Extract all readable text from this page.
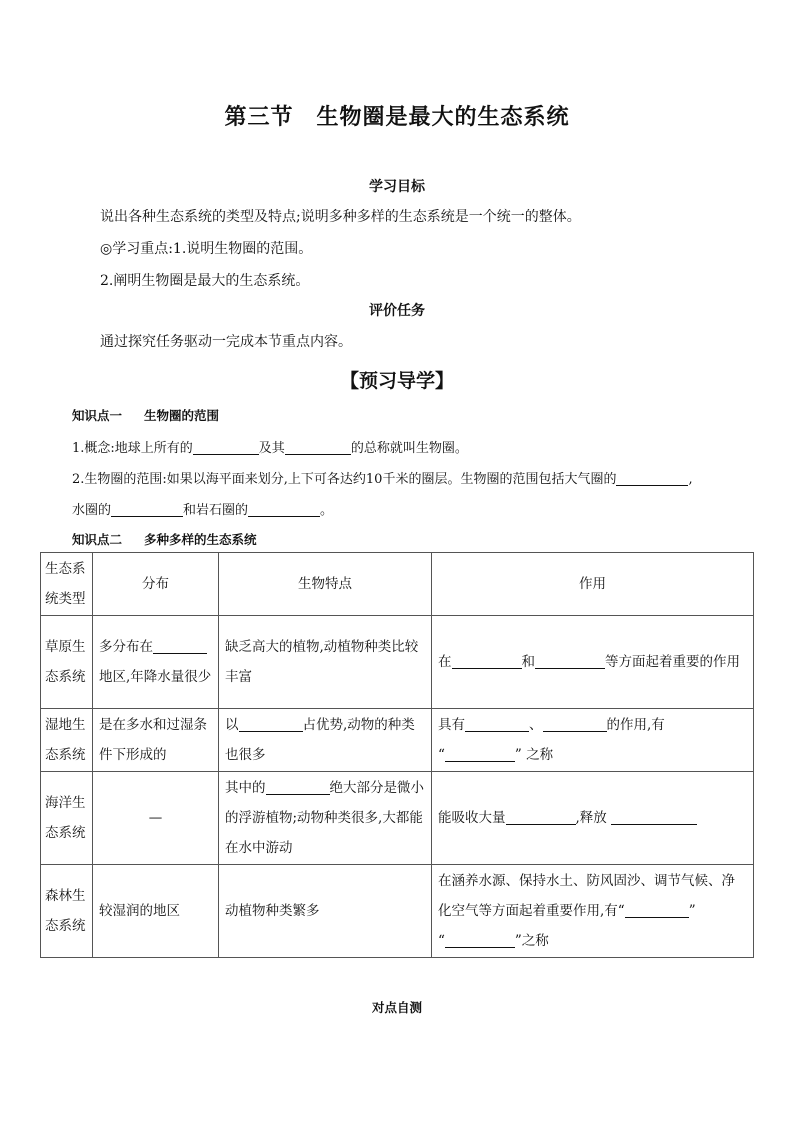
第三节　生物圈是最大的生态系统
学习目标
说出各种生态系统的类型及特点;说明多种多样的生态系统是一个统一的整体。
◎学习重点:1.说明生物圈的范围。
2.阐明生物圈是最大的生态系统。
评价任务
通过探究任务驱动一完成本节重点内容。
【预习导学】
知识点一 生物圈的范围
1.概念:地球上所有的	及其	的总称就叫生物圈。
2.生物圈的范围:如果以海平面来划分,上下可各达约10千米的圈层。生物圈的范围包括大气圈的	,
水圈的	和岩石圈的	。
知识点二 多种多样的生态系统
生态系统类型	分布	生物特点	作用
草原生态系统	多分布在地区,年降水量很少	缺乏高大的植物,动植物种类比较丰富	在 和 等方面起着重要的作用
湿地生态系统	是在多水和过湿条件下形成的	以 占优势,动物的种类也很多	具有 、 的作用,有
“ ” 之称
海洋生态系统	—	其中的 绝大部分是微小的浮游植物;动物种类很多,大都能在水中游动	能吸收大量 ,释放
森林生态系统	较湿润的地区	动植物种类繁多	在涵养水源、保持水土、防风固沙、调节气候、净化空气等方面起着重要作用,有“ ”
“ ”之称
对点自测
